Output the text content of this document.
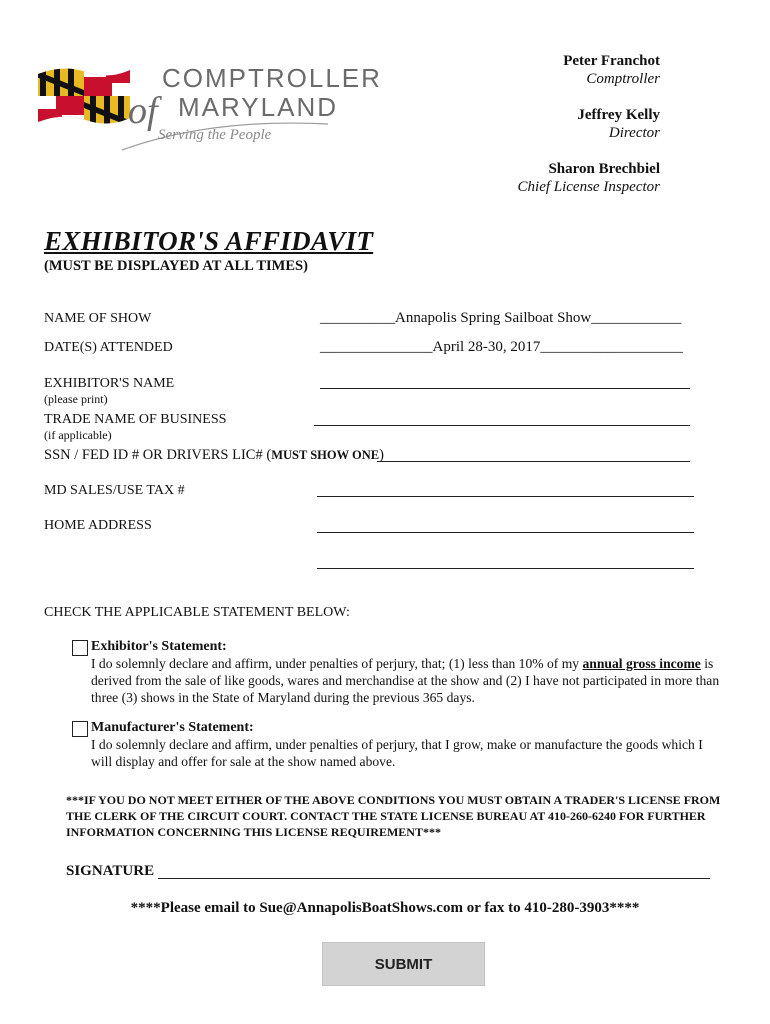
COMPTROLLER
of MARYLAND
Serving the People
Peter Franchot
Comptroller
Jeffrey Kelly
Director
Sharon Brechbiel
Chief License Inspector
EXHIBITOR'S AFFIDAVIT
(MUST BE DISPLAYED AT ALL TIMES)
NAME OF SHOW	__________Annapolis Spring Sailboat Show____________
DATE(S) ATTENDED	_______________April 28-30, 2017___________________
EXHIBITOR'S NAME
(please print)
TRADE NAME OF BUSINESS
(if applicable)
SSN / FED ID # OR DRIVERS LIC# (MUST SHOW ONE)
MD SALES/USE TAX #
HOME ADDRESS
CHECK THE APPLICABLE STATEMENT BELOW:
Exhibitor's Statement:
I do solemnly declare and affirm, under penalties of perjury, that; (1) less than 10% of my annual gross income is derived from the sale of like goods, wares and merchandise at the show and (2) I have not participated in more than three (3) shows in the State of Maryland during the previous 365 days.
Manufacturer's Statement:
I do solemnly declare and affirm, under penalties of perjury, that I grow, make or manufacture the goods which I will display and offer for sale at the show named above.
***IF YOU DO NOT MEET EITHER OF THE ABOVE CONDITIONS YOU MUST OBTAIN A TRADER'S LICENSE FROM THE CLERK OF THE CIRCUIT COURT. CONTACT THE STATE LICENSE BUREAU AT 410-260-6240 FOR FURTHER INFORMATION CONCERNING THIS LICENSE REQUIREMENT***
SIGNATURE
****Please email to Sue@AnnapolisBoatShows.com or fax to 410-280-3903****
SUBMIT
